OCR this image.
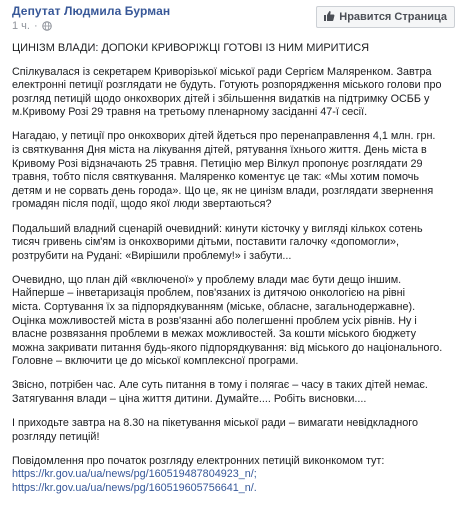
Депутат Людмила Бурман
1 ч. ·
Нравится Страница

ЦИНІЗМ ВЛАДИ: ДОПОКИ КРИВОРІЖЦІ ГОТОВІ ІЗ НИМ МИРИТИСЯ

Спілкувалася із секретарем Криворізької міської ради Сергієм Маляренком. Завтра
електронні петиції розглядати не будуть. Готують розпорядження міського голови про
розгляд петицій щодо онкохворих дітей і збільшення видатків на підтримку ОСББ у
м.Кривому Розі 29 травня на третьому пленарному засіданні 47-ї сесії.

Нагадаю, у петиції про онкохворих дітей йдеться про перенаправлення 4,1 млн. грн.
із святкування Дня міста на лікування дітей, рятування їхнього життя. День міста в
Кривому Розі відзначають 25 травня. Петицію мер Вілкул пропонує розглядати 29
травня, тобто після святкування. Маляренко коментує це так: «Мы хотим помочь
детям и не сорвать день города». Що це, як не цинізм влади, розглядати звернення
громадян після події, щодо якої люди звертаються?

Подальший владний сценарій очевидний: кинути кісточку у вигляді кількох сотень
тисяч гривень сім'ям із онкохворими дітьми, поставити галочку «допомогли»,
розтрубити на Рудані: «Вирішили проблему!» і забути...

Очевидно, що план дій «включеної» у проблему влади має бути дещо іншим.
Найперше – інветаризація проблем, пов'язаних із дитячою онкологією на рівні
міста. Сортування їх за підпорядкуванням (міське, обласне, загальнодержавне).
Оцінка можливостей міста в розв'язанні або полегшенні проблем усіх рівнів. Ну і
власне розвязання проблеми в межах можливостей. За кошти міського бюджету
можна закривати питання будь-якого підпорядкування: від міського до національного.
Головне – включити це до міської комплексної програми.

Звісно, потрібен час. Але суть питання в тому і полягає – часу в таких дітей немає.
Затягування влади – ціна життя дитини. Думайте.... Робіть висновки....

І приходьте завтра на 8.30 на пікетування міської ради – вимагати невідкладного
розгляду петицій!

Повідомлення про початок розгляду електронних петицій виконкомом тут:
https://kr.gov.ua/ua/news/pg/160519487804923_n/;
https://kr.gov.ua/ua/news/pg/160519605756641_n/.
